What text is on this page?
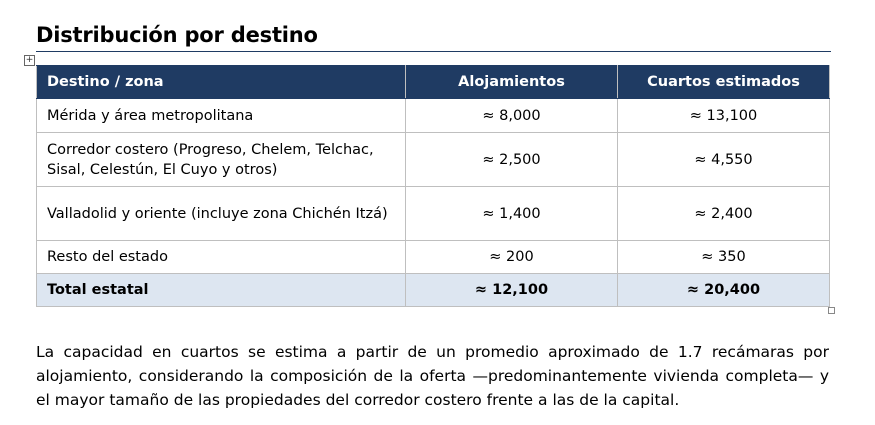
Distribución por destino
+
Destino / zona	Alojamientos	Cuartos estimados
Mérida y área metropolitana	≈ 8,000	≈ 13,100
Corredor costero (Progreso, Chelem, Telchac, Sisal, Celestún, El Cuyo y otros)	≈ 2,500	≈ 4,550
Valladolid y oriente (incluye zona Chichén Itzá)	≈ 1,400	≈ 2,400
Resto del estado	≈ 200	≈ 350
Total estatal	≈ 12,100	≈ 20,400

La capacidad en cuartos se estima a partir de un promedio aproximado de 1.7 recámaras por alojamiento, considerando la composición de la oferta —predominantemente vivienda completa— y el mayor tamaño de las propiedades del corredor costero frente a las de la capital.
